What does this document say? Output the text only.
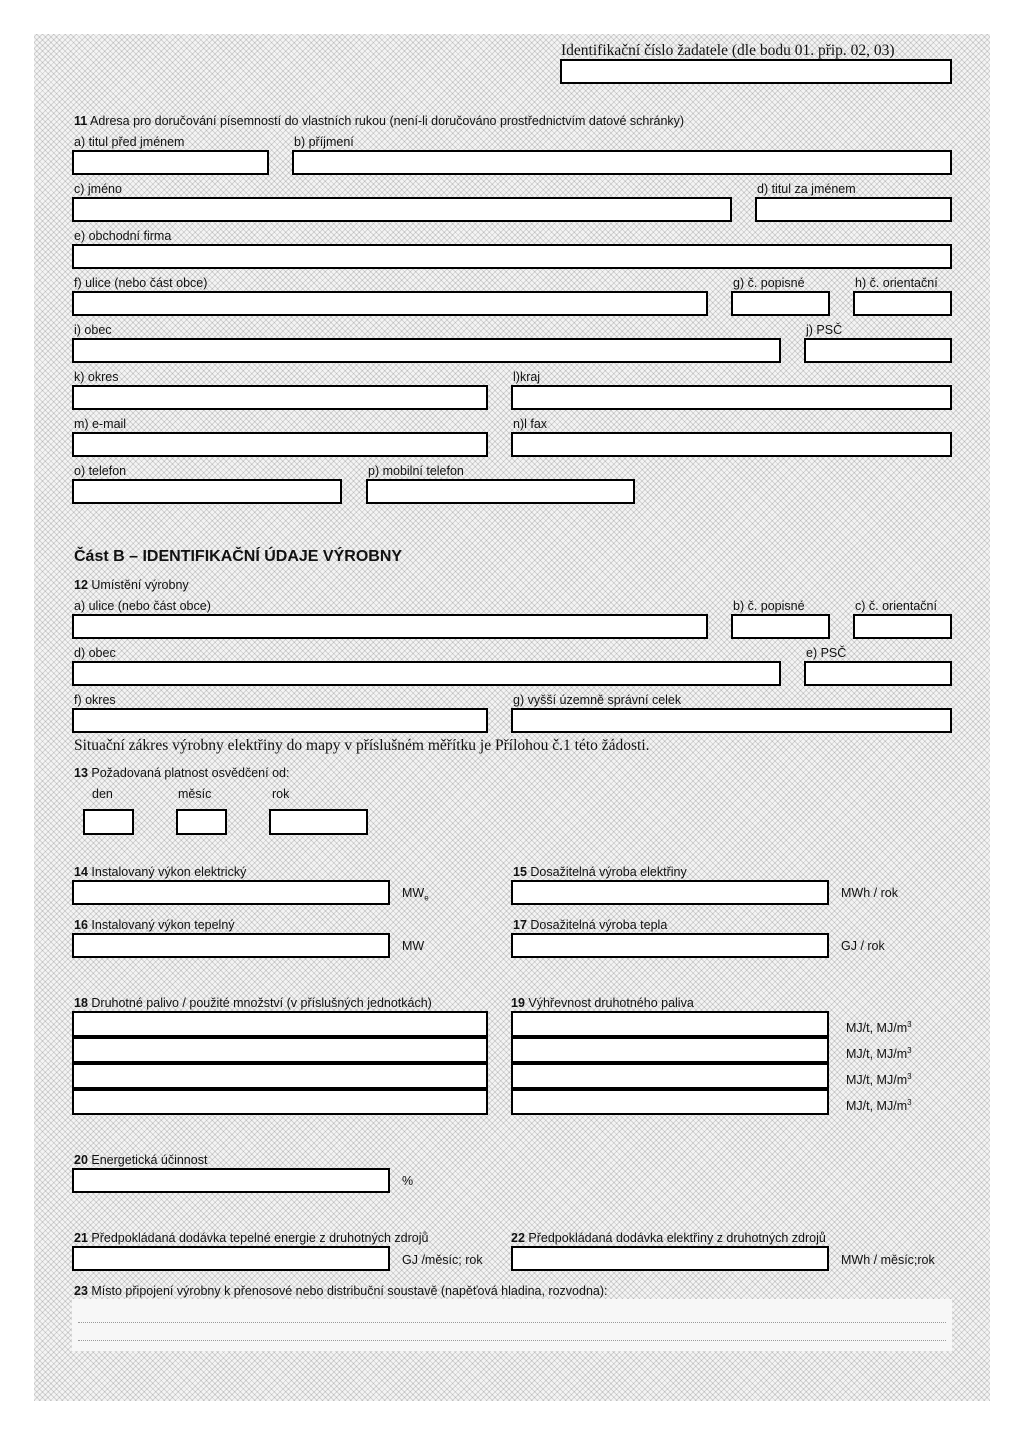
Identifikační číslo žadatele (dle bodu 01. přip. 02, 03)
11 Adresa pro doručování písemností do vlastních rukou (není-li doručováno prostřednictvím datové schránky)
a) titul před jménem	b) příjmení
c) jméno	d) titul za jménem
e) obchodní firma
f) ulice (nebo část obce)	g) č. popisné	h) č. orientační
i) obec	j) PSČ
k) okres	l)kraj
m) e-mail	n)l fax
o) telefon	p) mobilní telefon
Část B – IDENTIFIKAČNÍ ÚDAJE VÝROBNY
12 Umístění výrobny
a) ulice (nebo část obce)	b) č. popisné	c) č. orientační
d) obec	e) PSČ
f) okres	g) vyšší územně správní celek
Situační zákres výrobny elektřiny do mapy v příslušném měřítku je Přílohou č.1 této žádosti.
13 Požadovaná platnost osvědčení od:
den	měsíc	rok
14 Instalovaný výkon elektrický
$MW_e$
15 Dosažitelná výroba elektřiny
MWh / rok
16 Instalovaný výkon tepelný
MW
17 Dosažitelná výroba tepla
GJ / rok
18 Druhotné palivo / použité množství (v příslušných jednotkách)	19 Výhřevnost druhotného paliva
MJ/t, $MJ/m^3$
MJ/t, $MJ/m^3$
MJ/t, $MJ/m^3$
MJ/t, $MJ/m^3$
20 Energetická účinnost
%
21 Předpokládaná dodávka tepelné energie z druhotných zdrojů
GJ /měsíc; rok
22 Předpokládaná dodávka elektřiny z druhotných zdrojů
MWh / měsíc;rok
23 Místo připojení výrobny k přenosové nebo distribuční soustavě (napěťová hladina, rozvodna):
